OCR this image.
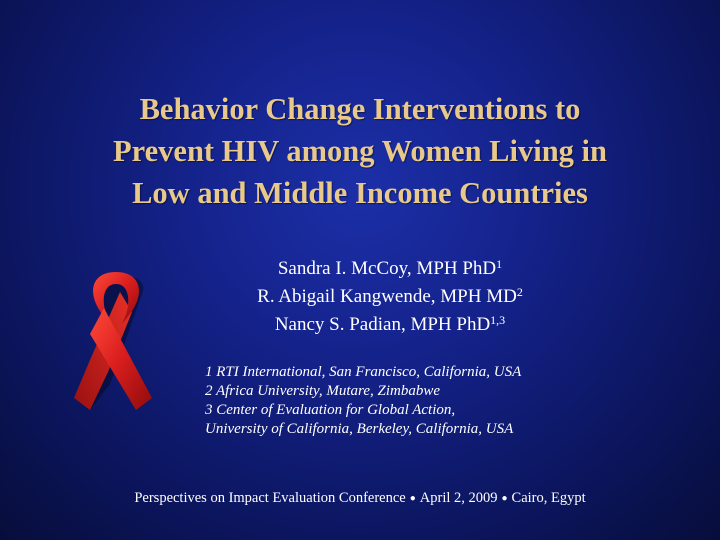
Behavior Change Interventions to
Prevent HIV among Women Living in
Low and Middle Income Countries
Sandra I. McCoy, MPH PhD$^1$
R. Abigail Kangwende, MPH $MD^2$
Nancy S. Padian, MPH PhD$^{1,3}$
1 RTI International, San Francisco, California, USA
2 Africa University, Mutare, Zimbabwe
3 Center of Evaluation for Global Action,
University of California, Berkeley, California, USA
Perspectives on Impact Evaluation Conference ● April 2, 2009 ● Cairo, Egypt
